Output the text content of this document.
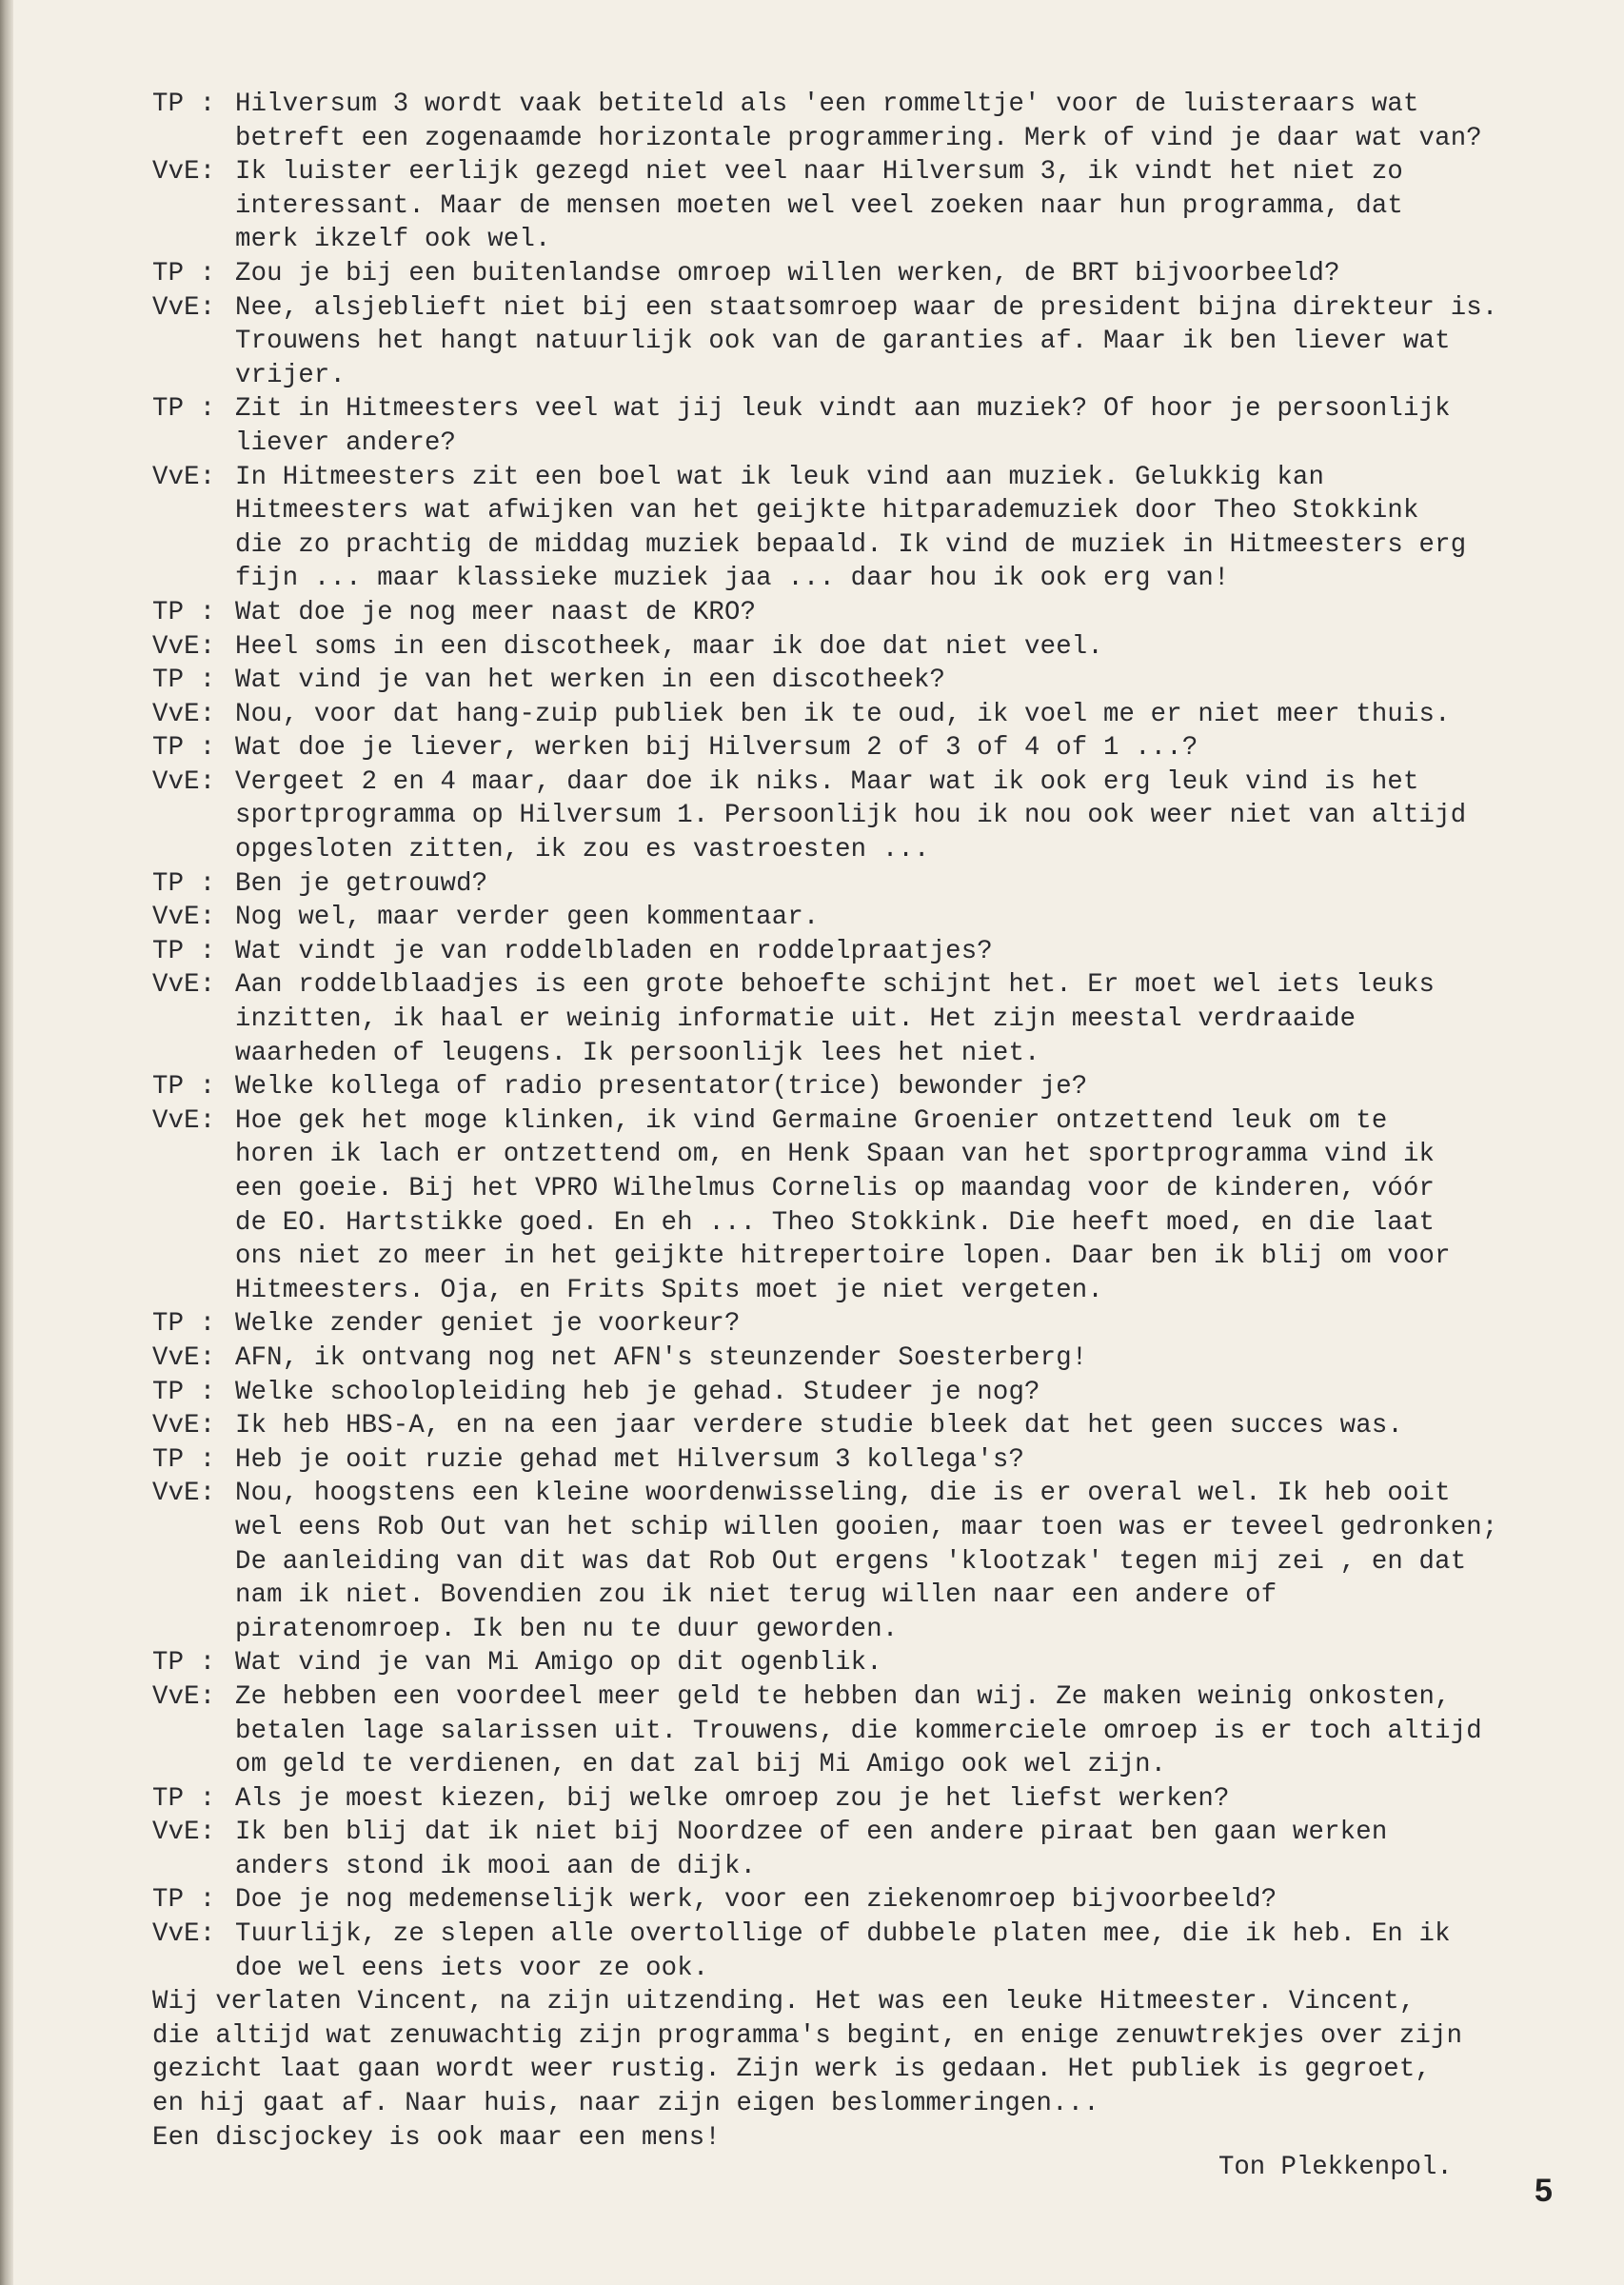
TP : Hilversum 3 wordt vaak betiteld als 'een rommeltje' voor de luisteraars wat
betreft een zogenaamde horizontale programmering. Merk of vind je daar wat van?
VvE: Ik luister eerlijk gezegd niet veel naar Hilversum 3, ik vindt het niet zo
interessant. Maar de mensen moeten wel veel zoeken naar hun programma, dat
merk ikzelf ook wel.
TP : Zou je bij een buitenlandse omroep willen werken, de BRT bijvoorbeeld?
VvE: Nee, alsjeblieft niet bij een staatsomroep waar de president bijna direkteur is.
Trouwens het hangt natuurlijk ook van de garanties af. Maar ik ben liever wat
vrijer.
TP : Zit in Hitmeesters veel wat jij leuk vindt aan muziek? Of hoor je persoonlijk
liever andere?
VvE: In Hitmeesters zit een boel wat ik leuk vind aan muziek. Gelukkig kan
Hitmeesters wat afwijken van het geijkte hitparademuziek door Theo Stokkink
die zo prachtig de middag muziek bepaald. Ik vind de muziek in Hitmeesters erg
fijn ... maar klassieke muziek jaa ... daar hou ik ook erg van!
TP : Wat doe je nog meer naast de KRO?
VvE: Heel soms in een discotheek, maar ik doe dat niet veel.
TP : Wat vind je van het werken in een discotheek?
VvE: Nou, voor dat hang-zuip publiek ben ik te oud, ik voel me er niet meer thuis.
TP : Wat doe je liever, werken bij Hilversum 2 of 3 of 4 of 1 ...?
VvE: Vergeet 2 en 4 maar, daar doe ik niks. Maar wat ik ook erg leuk vind is het
sportprogramma op Hilversum 1. Persoonlijk hou ik nou ook weer niet van altijd
opgesloten zitten, ik zou es vastroesten ...
TP : Ben je getrouwd?
VvE: Nog wel, maar verder geen kommentaar.
TP : Wat vindt je van roddelbladen en roddelpraatjes?
VvE: Aan roddelblaadjes is een grote behoefte schijnt het. Er moet wel iets leuks
inzitten, ik haal er weinig informatie uit. Het zijn meestal verdraaide
waarheden of leugens. Ik persoonlijk lees het niet.
TP : Welke kollega of radio presentator(trice) bewonder je?
VvE: Hoe gek het moge klinken, ik vind Germaine Groenier ontzettend leuk om te
horen ik lach er ontzettend om, en Henk Spaan van het sportprogramma vind ik
een goeie. Bij het VPRO Wilhelmus Cornelis op maandag voor de kinderen, vóór
de EO. Hartstikke goed. En eh ... Theo Stokkink. Die heeft moed, en die laat
ons niet zo meer in het geijkte hitrepertoire lopen. Daar ben ik blij om voor
Hitmeesters. Oja, en Frits Spits moet je niet vergeten.
TP : Welke zender geniet je voorkeur?
VvE: AFN, ik ontvang nog net AFN's steunzender Soesterberg!
TP : Welke schoolopleiding heb je gehad. Studeer je nog?
VvE: Ik heb HBS-A, en na een jaar verdere studie bleek dat het geen succes was.
TP : Heb je ooit ruzie gehad met Hilversum 3 kollega's?
VvE: Nou, hoogstens een kleine woordenwisseling, die is er overal wel. Ik heb ooit
wel eens Rob Out van het schip willen gooien, maar toen was er teveel gedronken;
De aanleiding van dit was dat Rob Out ergens 'klootzak' tegen mij zei , en dat
nam ik niet. Bovendien zou ik niet terug willen naar een andere of
piratenomroep. Ik ben nu te duur geworden.
TP : Wat vind je van Mi Amigo op dit ogenblik.
VvE: Ze hebben een voordeel meer geld te hebben dan wij. Ze maken weinig onkosten,
betalen lage salarissen uit. Trouwens, die kommerciele omroep is er toch altijd
om geld te verdienen, en dat zal bij Mi Amigo ook wel zijn.
TP : Als je moest kiezen, bij welke omroep zou je het liefst werken?
VvE: Ik ben blij dat ik niet bij Noordzee of een andere piraat ben gaan werken
anders stond ik mooi aan de dijk.
TP : Doe je nog medemenselijk werk, voor een ziekenomroep bijvoorbeeld?
VvE: Tuurlijk, ze slepen alle overtollige of dubbele platen mee, die ik heb. En ik
doe wel eens iets voor ze ook.
Wij verlaten Vincent, na zijn uitzending. Het was een leuke Hitmeester. Vincent,
die altijd wat zenuwachtig zijn programma's begint, en enige zenuwtrekjes over zijn
gezicht laat gaan wordt weer rustig. Zijn werk is gedaan. Het publiek is gegroet,
en hij gaat af. Naar huis, naar zijn eigen beslommeringen...
Een discjockey is ook maar een mens!
Ton Plekkenpol.
5
